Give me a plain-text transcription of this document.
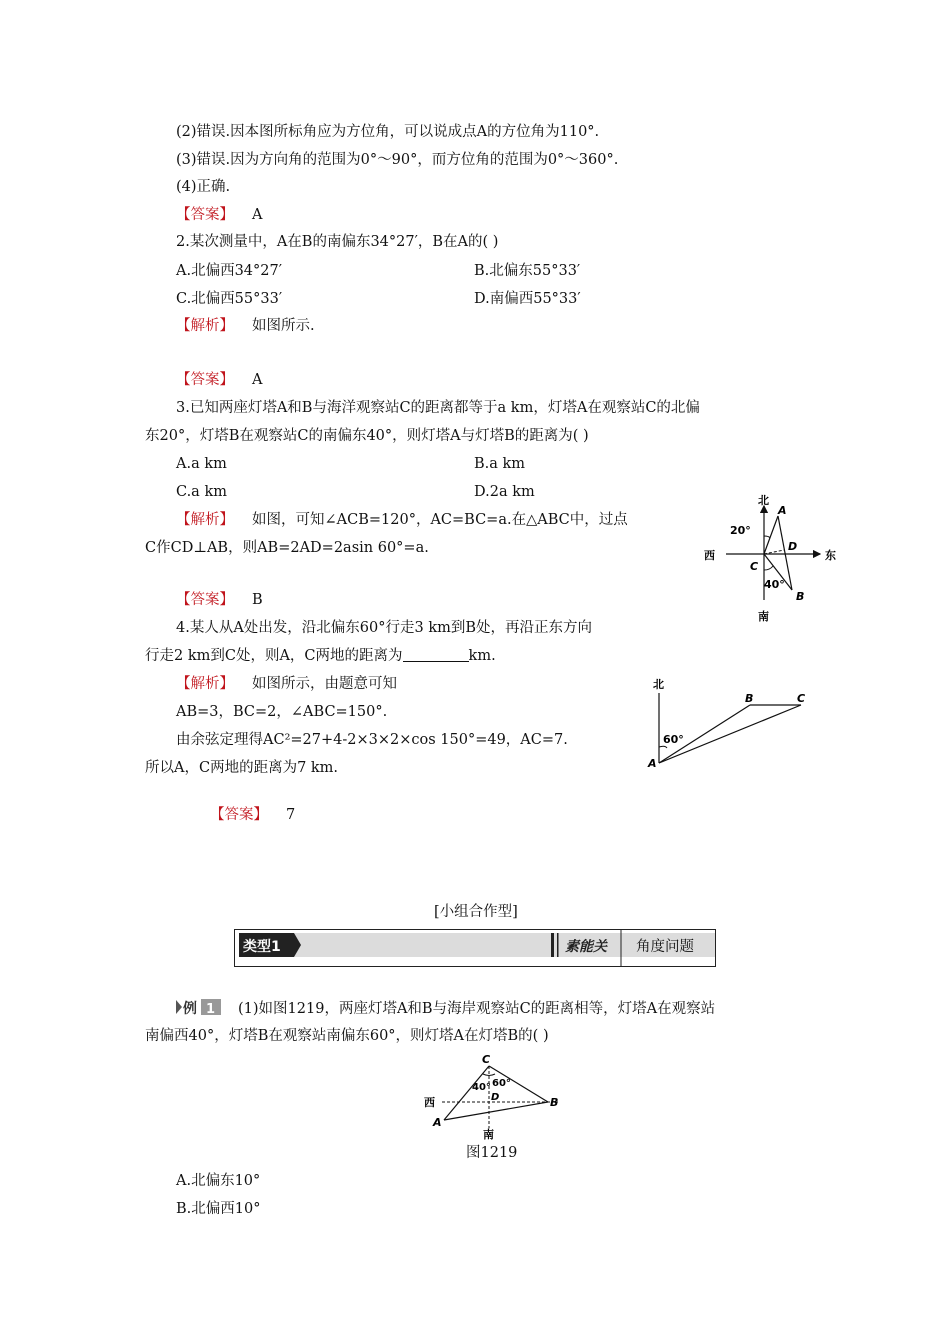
(2)错误.因本图所标角应为方位角，可以说成点A的方位角为110°.
(3)错误.因为方向角的范围为0°～90°，而方位角的范围为0°～360°.
(4)正确.
【答案】 A
2.某次测量中，A在B的南偏东34°27′，B在A的( )
A.北偏西34°27′	B.北偏东55°33′
C.北偏西55°33′	D.南偏西55°33′
【解析】 如图所示.
【答案】 A
3.已知两座灯塔A和B与海洋观察站C的距离都等于a km，灯塔A在观察站C的北偏
东20°，灯塔B在观察站C的南偏东40°，则灯塔A与灯塔B的距离为( )
A.a km	B.a km
C.a km	D.2a km
【解析】 如图，可知∠ACB=120°，AC=BC=a.在△ABC中，过点
C作CD⊥AB，则AB=2AD=2asin 60°=a.
【答案】 B
4.某人从A处出发，沿北偏东60°行走3 km到B处，再沿正东方向
行走2 km到C处，则A，C两地的距离为	km.
【解析】 如图所示，由题意可知
AB=3，BC=2，∠ABC=150°.
由余弦定理得AC²=27+4-2×3×2×cos 150°=49，AC=7.
所以A，C两地的距离为7 km.
【答案】 7
[小组合作型]
类型1	素能关 角度问题
例 1 (1)如图1219，两座灯塔A和B与海岸观察站C的距离相等，灯塔A在观察站
南偏西40°，灯塔B在观察站南偏东60°，则灯塔A在灯塔B的( )
图1219
A.北偏东10°
B.北偏西10°
北
南
西	东
20°
40°
A
B
C
D
北
60°
A
B	C
C
40° 60°
D
西	B
A
南
